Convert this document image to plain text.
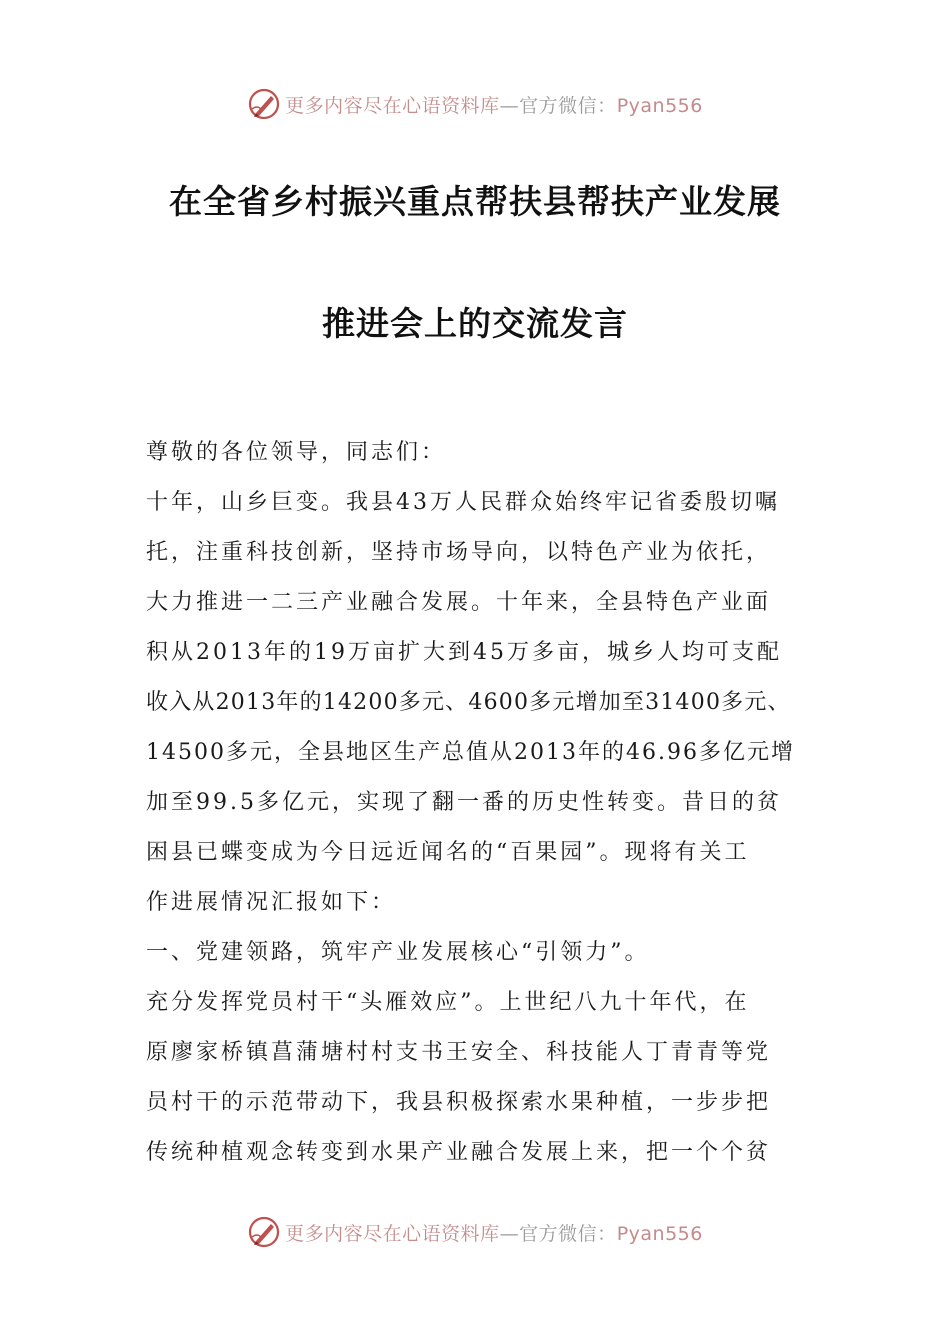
更多内容尽在心语资料库—官方微信：Pyan556
在全省乡村振兴重点帮扶县帮扶产业发展
推进会上的交流发言

尊敬的各位领导，同志们：

十年，山乡巨变。我县43万人民群众始终牢记省委殷切嘱

托，注重科技创新，坚持市场导向，以特色产业为依托，

大力推进一二三产业融合发展。十年来，全县特色产业面

积从2013年的19万亩扩大到45万多亩，城乡人均可支配

收入从2013年的14200多元、4600多元增加至31400多元、

14500多元，全县地区生产总值从2013年的46.96多亿元增

加至99.5多亿元，实现了翻一番的历史性转变。昔日的贫

困县已蝶变成为今日远近闻名的“百果园”。现将有关工

作进展情况汇报如下：

一、党建领路，筑牢产业发展核心“引领力”。

充分发挥党员村干“头雁效应”。上世纪八九十年代，在

原廖家桥镇菖蒲塘村村支书王安全、科技能人丁青青等党

员村干的示范带动下，我县积极探索水果种植，一步步把

传统种植观念转变到水果产业融合发展上来，把一个个贫

更多内容尽在心语资料库—官方微信：Pyan556
